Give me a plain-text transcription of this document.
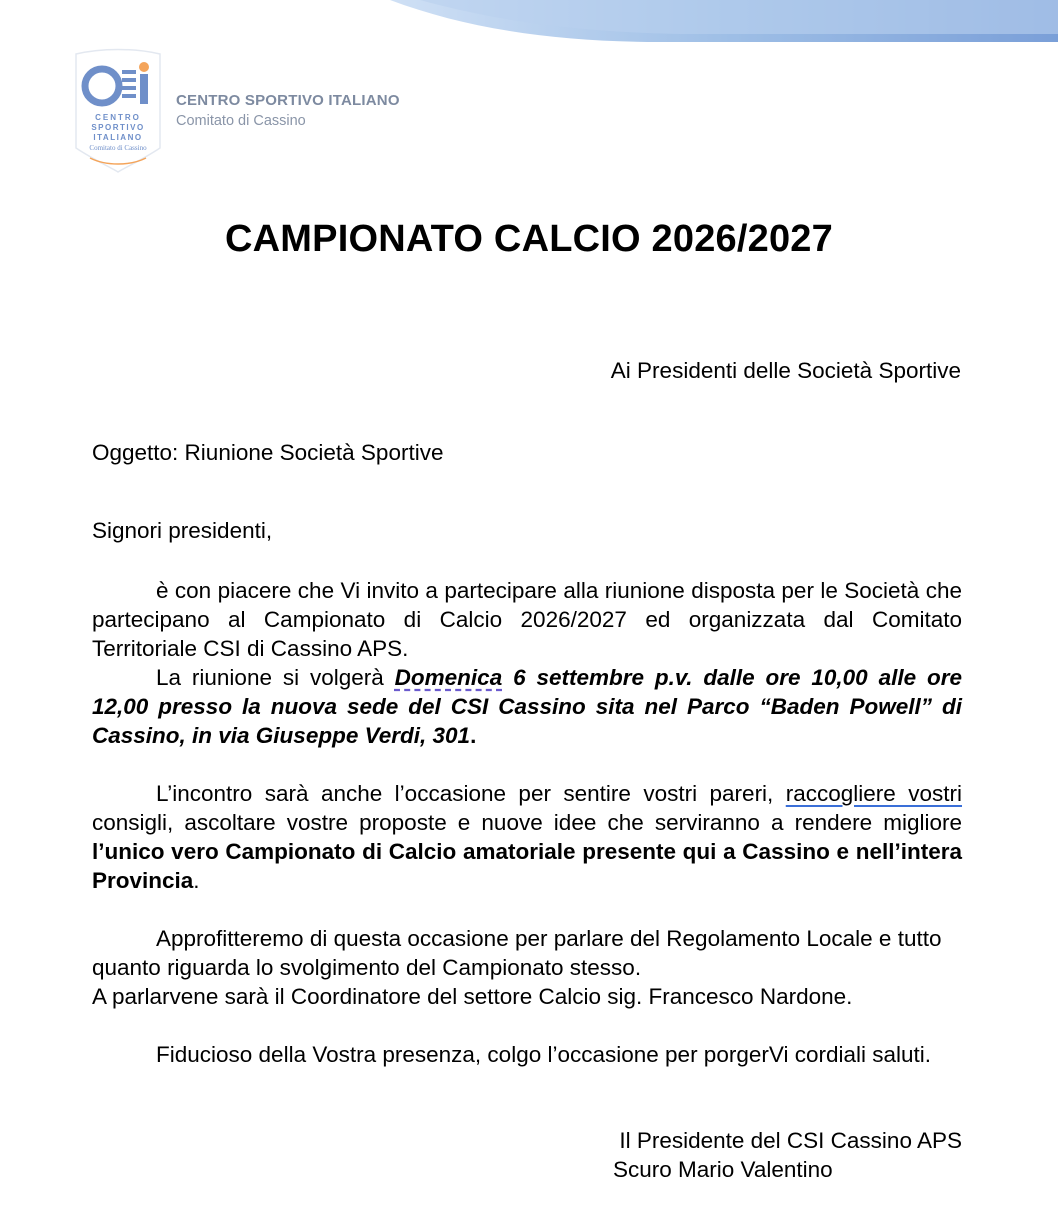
CENTRO
SPORTIVO
ITALIANO
Comitato di Cassino
CENTRO SPORTIVO ITALIANO
Comitato di Cassino
CAMPIONATO CALCIO 2026/2027
Ai Presidenti delle Società Sportive
Oggetto: Riunione Società Sportive
Signori presidenti,

è con piacere che Vi invito a partecipare alla riunione disposta per le Società che partecipano al Campionato di Calcio 2026/2027 ed organizzata dal Comitato Territoriale CSI di Cassino APS.

La riunione si volgerà Domenica 6 settembre p.v. dalle ore 10,00 alle ore 12,00 presso la nuova sede del CSI Cassino sita nel Parco “Baden Powell” di Cassino, in via Giuseppe Verdi, 301.

L’incontro sarà anche l’occasione per sentire vostri pareri, raccogliere vostri consigli, ascoltare vostre proposte e nuove idee che serviranno a rendere migliore l’unico vero Campionato di Calcio amatoriale presente qui a Cassino e nell’intera Provincia.

Approfitteremo di questa occasione per parlare del Regolamento Locale e tutto quanto riguarda lo svolgimento del Campionato stesso.

A parlarvene sarà il Coordinatore del settore Calcio sig. Francesco Nardone.

Fiducioso della Vostra presenza, colgo l’occasione per porgerVi cordiali saluti.

Il Presidente del CSI Cassino APS
Scuro Mario Valentino
